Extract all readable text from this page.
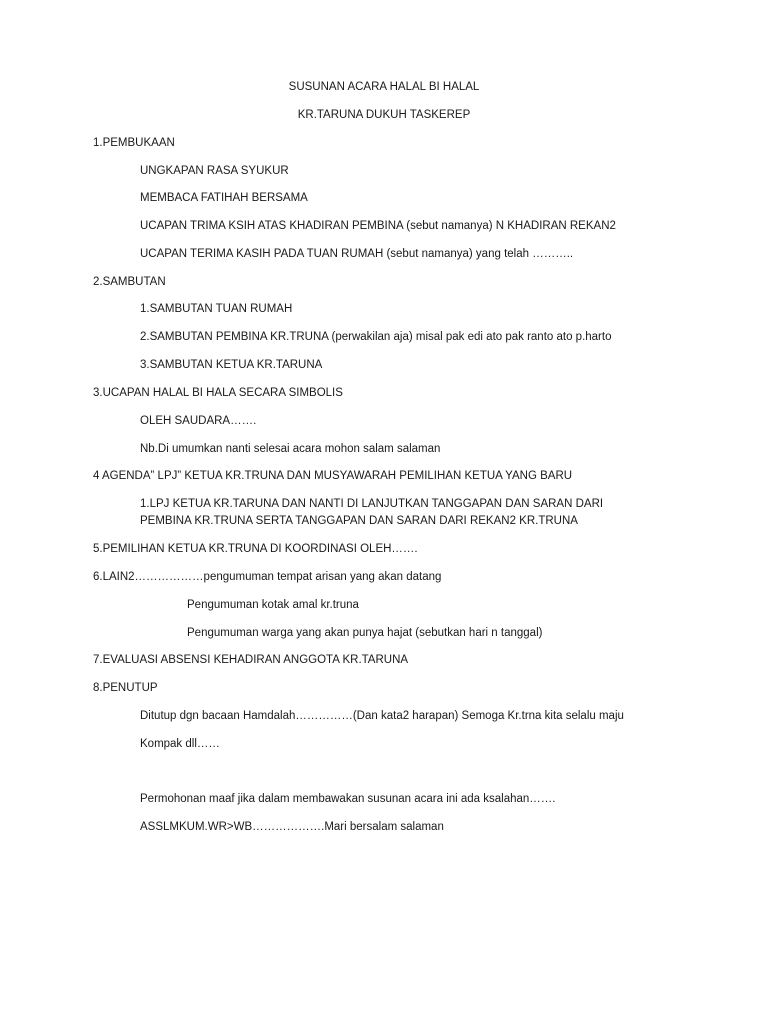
SUSUNAN ACARA HALAL BI HALAL
KR.TARUNA DUKUH TASKEREP
1.PEMBUKAAN
UNGKAPAN RASA SYUKUR
MEMBACA FATIHAH BERSAMA
UCAPAN TRIMA KSIH ATAS KHADIRAN PEMBINA (sebut namanya) N KHADIRAN REKAN2
UCAPAN TERIMA KASIH PADA TUAN RUMAH (sebut namanya) yang telah ………..
2.SAMBUTAN
1.SAMBUTAN TUAN RUMAH
2.SAMBUTAN PEMBINA KR.TRUNA (perwakilan aja) misal pak edi ato pak ranto ato p.harto
3.SAMBUTAN KETUA KR.TARUNA
3.UCAPAN HALAL BI HALA SECARA SIMBOLIS
OLEH SAUDARA…….
Nb.Di umumkan nanti selesai acara mohon salam salaman
4 AGENDA” LPJ” KETUA KR.TRUNA DAN MUSYAWARAH PEMILIHAN KETUA YANG BARU
1.LPJ KETUA KR.TARUNA DAN NANTI DI LANJUTKAN TANGGAPAN DAN SARAN DARI
PEMBINA KR.TRUNA SERTA TANGGAPAN DAN SARAN DARI REKAN2 KR.TRUNA
5.PEMILIHAN KETUA KR.TRUNA DI KOORDINASI OLEH…….
6.LAIN2………………pengumuman tempat arisan yang akan datang
Pengumuman kotak amal kr.truna
Pengumuman warga yang akan punya hajat (sebutkan hari n tanggal)
7.EVALUASI ABSENSI KEHADIRAN ANGGOTA KR.TARUNA
8.PENUTUP
Ditutup dgn bacaan Hamdalah……………(Dan kata2 harapan) Semoga Kr.trna kita selalu maju
Kompak dll……
Permohonan maaf jika dalam membawakan susunan acara ini ada ksalahan…….
ASSLMKUM.WR>WB……………….Mari bersalam salaman
